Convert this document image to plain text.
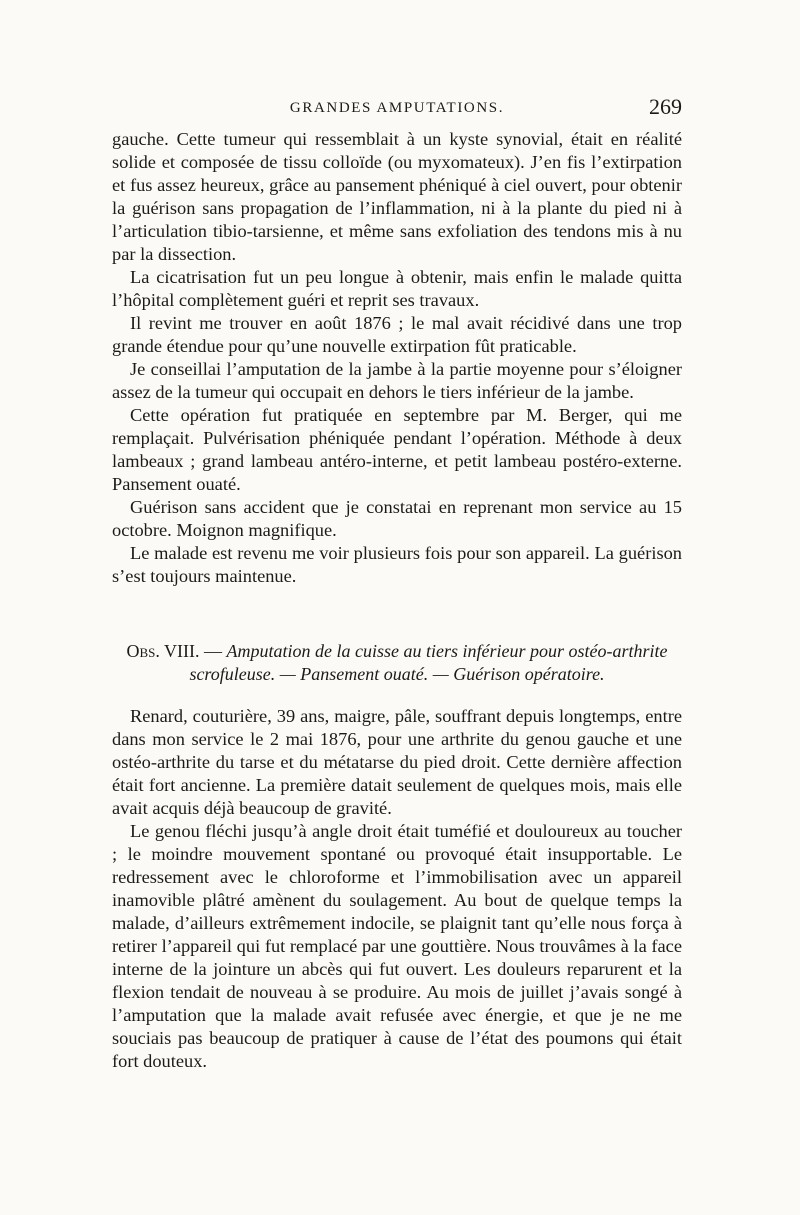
GRANDES AMPUTATIONS.	269

gauche. Cette tumeur qui ressemblait à un kyste synovial, était en réalité solide et composée de tissu colloïde (ou myxomateux). J’en fis l’extirpation et fus assez heureux, grâce au pansement phéniqué à ciel ouvert, pour obtenir la guérison sans propagation de l’inflammation, ni à la plante du pied ni à l’articulation tibio-tarsienne, et même sans exfoliation des tendons mis à nu par la dissection.

La cicatrisation fut un peu longue à obtenir, mais enfin le malade quitta l’hôpital complètement guéri et reprit ses travaux.

Il revint me trouver en août 1876 ; le mal avait récidivé dans une trop grande étendue pour qu’une nouvelle extirpation fût praticable.

Je conseillai l’amputation de la jambe à la partie moyenne pour s’éloigner assez de la tumeur qui occupait en dehors le tiers inférieur de la jambe.

Cette opération fut pratiquée en septembre par M. Berger, qui me remplaçait. Pulvérisation phéniquée pendant l’opération. Méthode à deux lambeaux ; grand lambeau antéro-interne, et petit lambeau postéro-externe. Pansement ouaté.

Guérison sans accident que je constatai en reprenant mon service au 15 octobre. Moignon magnifique.

Le malade est revenu me voir plusieurs fois pour son appareil. La guérison s’est toujours maintenue.

Obs. VIII. — Amputation de la cuisse au tiers inférieur pour ostéo-arthrite scrofuleuse. — Pansement ouaté. — Guérison opératoire.

Renard, couturière, 39 ans, maigre, pâle, souffrant depuis longtemps, entre dans mon service le 2 mai 1876, pour une arthrite du genou gauche et une ostéo-arthrite du tarse et du métatarse du pied droit. Cette dernière affection était fort ancienne. La première datait seulement de quelques mois, mais elle avait acquis déjà beaucoup de gravité.

Le genou fléchi jusqu’à angle droit était tuméfié et douloureux au toucher ; le moindre mouvement spontané ou provoqué était insupportable. Le redressement avec le chloroforme et l’immobilisation avec un appareil inamovible plâtré amènent du soulagement. Au bout de quelque temps la malade, d’ailleurs extrêmement indocile, se plaignit tant qu’elle nous força à retirer l’appareil qui fut remplacé par une gouttière. Nous trouvâmes à la face interne de la jointure un abcès qui fut ouvert. Les douleurs reparurent et la flexion tendait de nouveau à se produire. Au mois de juillet j’avais songé à l’amputation que la malade avait refusée avec énergie, et que je ne me souciais pas beaucoup de pratiquer à cause de l’état des poumons qui était fort douteux.
